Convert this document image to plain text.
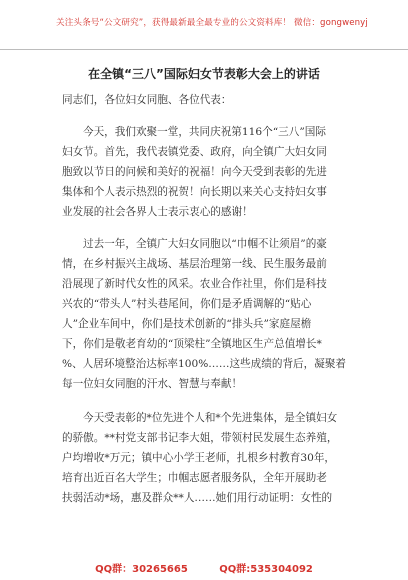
关注头条号“公文研究”，获得最新最全最专业的公文资料库！ 微信：gongwenyj
在全镇“三八”国际妇女节表彰大会上的讲话
同志们，各位妇女同胞、各位代表：
今天，我们欢聚一堂，共同庆祝第116个“三八”国际
妇女节。首先，我代表镇党委、政府，向全镇广大妇女同
胞致以节日的问候和美好的祝福！向今天受到表彰的先进
集体和个人表示热烈的祝贺！向长期以来关心支持妇女事
业发展的社会各界人士表示衷心的感谢！
过去一年，全镇广大妇女同胞以“巾帼不让须眉”的豪
情，在乡村振兴主战场、基层治理第一线、民生服务最前
沿展现了新时代女性的风采。农业合作社里，你们是科技
兴农的“带头人”村头巷尾间，你们是矛盾调解的“贴心
人”企业车间中，你们是技术创新的“排头兵”家庭屋檐
下，你们是敬老育幼的“顶梁柱”全镇地区生产总值增长*
%、人居环境整治达标率100%……这些成绩的背后，凝聚着
每一位妇女同胞的汗水、智慧与奉献！
今天受表彰的*位先进个人和*个先进集体，是全镇妇女
的骄傲。**村党支部书记李大姐，带领村民发展生态养殖，
户均增收*万元；镇中心小学王老师，扎根乡村教育30年，
培育出近百名大学生；巾帼志愿者服务队，全年开展助老
扶弱活动*场，惠及群众**人……她们用行动证明：女性的
QQ群：30265665	QQ群:535304092
